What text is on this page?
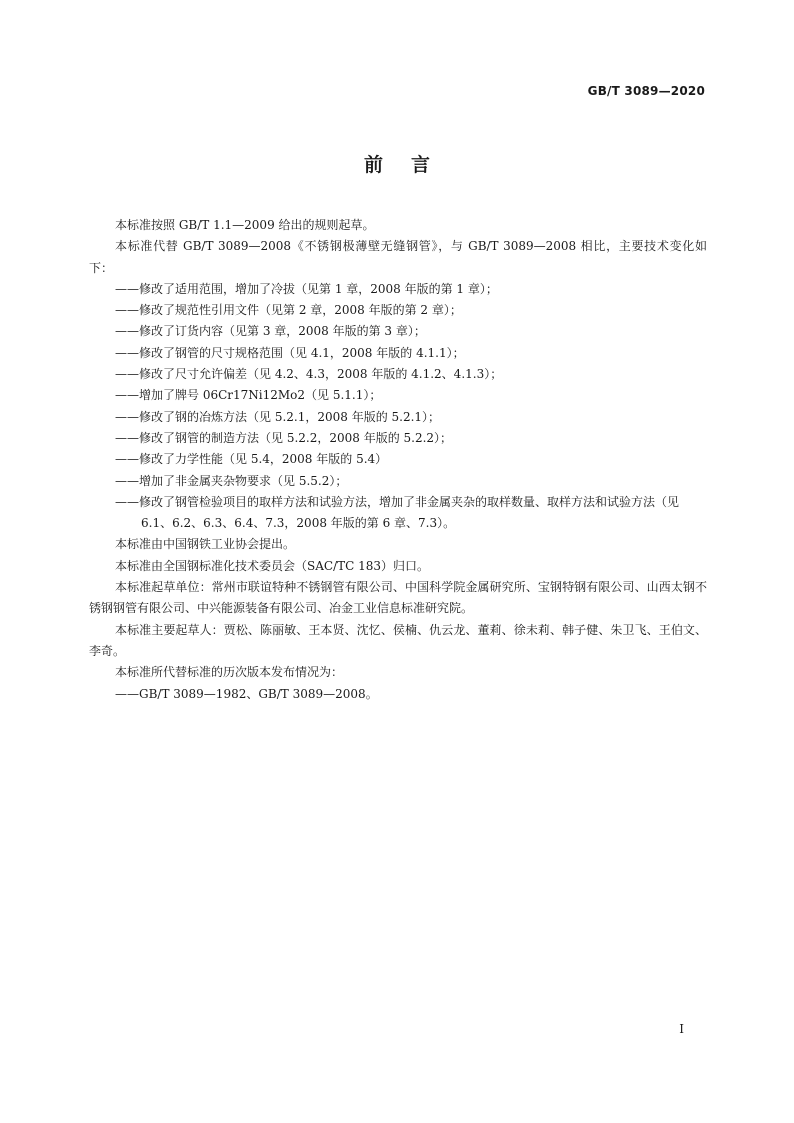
GB/T 3089—2020
前言

本标准按照 GB/T 1.1—2009 给出的规则起草。

本标准代替 GB/T 3089—2008《不锈钢极薄壁无缝钢管》，与 GB/T 3089—2008 相比，主要技术变化如下：

——修改了适用范围，增加了冷拔（见第 1 章，2008 年版的第 1 章）；

——修改了规范性引用文件（见第 2 章，2008 年版的第 2 章）；

——修改了订货内容（见第 3 章，2008 年版的第 3 章）；

——修改了钢管的尺寸规格范围（见 4.1，2008 年版的 4.1.1）；

——修改了尺寸允许偏差（见 4.2、4.3，2008 年版的 4.1.2、4.1.3）；

——增加了牌号 06Cr17Ni12Mo2（见 5.1.1）；

——修改了钢的冶炼方法（见 5.2.1，2008 年版的 5.2.1）；

——修改了钢管的制造方法（见 5.2.2，2008 年版的 5.2.2）；

——修改了力学性能（见 5.4，2008 年版的 5.4）

——增加了非金属夹杂物要求（见 5.5.2）；

——修改了钢管检验项目的取样方法和试验方法，增加了非金属夹杂的取样数量、取样方法和试验方法（见 6.1、6.2、6.3、6.4、7.3，2008 年版的第 6 章、7.3）。

本标准由中国钢铁工业协会提出。

本标准由全国钢标准化技术委员会（SAC/TC 183）归口。

本标准起草单位：常州市联谊特种不锈钢管有限公司、中国科学院金属研究所、宝钢特钢有限公司、山西太钢不锈钢钢管有限公司、中兴能源装备有限公司、冶金工业信息标准研究院。

本标准主要起草人：贾松、陈丽敏、王本贤、沈忆、侯楠、仇云龙、董莉、徐未莉、韩子健、朱卫飞、王伯文、李奇。

本标准所代替标准的历次版本发布情况为：

——GB/T 3089—1982、GB/T 3089—2008。

I
